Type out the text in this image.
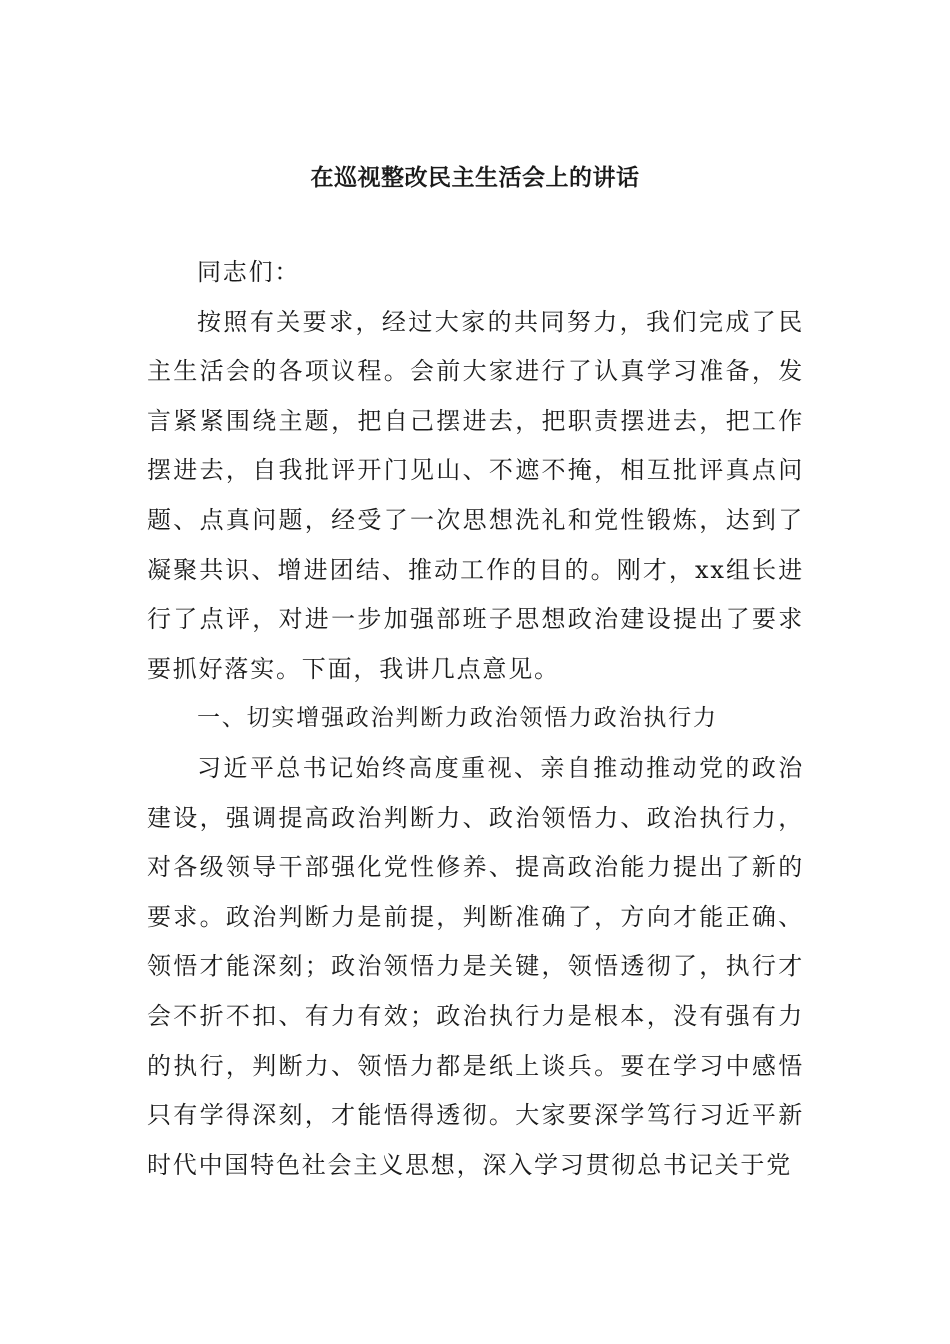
在巡视整改民主生活会上的讲话

同志们：

按照有关要求，经过大家的共同努力，我们完成了民主生活会的各项议程。会前大家进行了认真学习准备，发言紧紧围绕主题，把自己摆进去，把职责摆进去，把工作摆进去，自我批评开门见山、不遮不掩，相互批评真点问题、点真问题，经受了一次思想洗礼和党性锻炼，达到了凝聚共识、增进团结、推动工作的目的。刚才，xx组长进行了点评，对进一步加强部班子思想政治建设提出了要求要抓好落实。下面，我讲几点意见。

一、切实增强政治判断力政治领悟力政治执行力

习近平总书记始终高度重视、亲自推动推动党的政治建设，强调提高政治判断力、政治领悟力、政治执行力，对各级领导干部强化党性修养、提高政治能力提出了新的要求。政治判断力是前提，判断准确了，方向才能正确、领悟才能深刻；政治领悟力是关键，领悟透彻了，执行才会不折不扣、有力有效；政治执行力是根本，没有强有力的执行，判断力、领悟力都是纸上谈兵。要在学习中感悟只有学得深刻，才能悟得透彻。大家要深学笃行习近平新时代中国特色社会主义思想，深入学习贯彻总书记关于党
